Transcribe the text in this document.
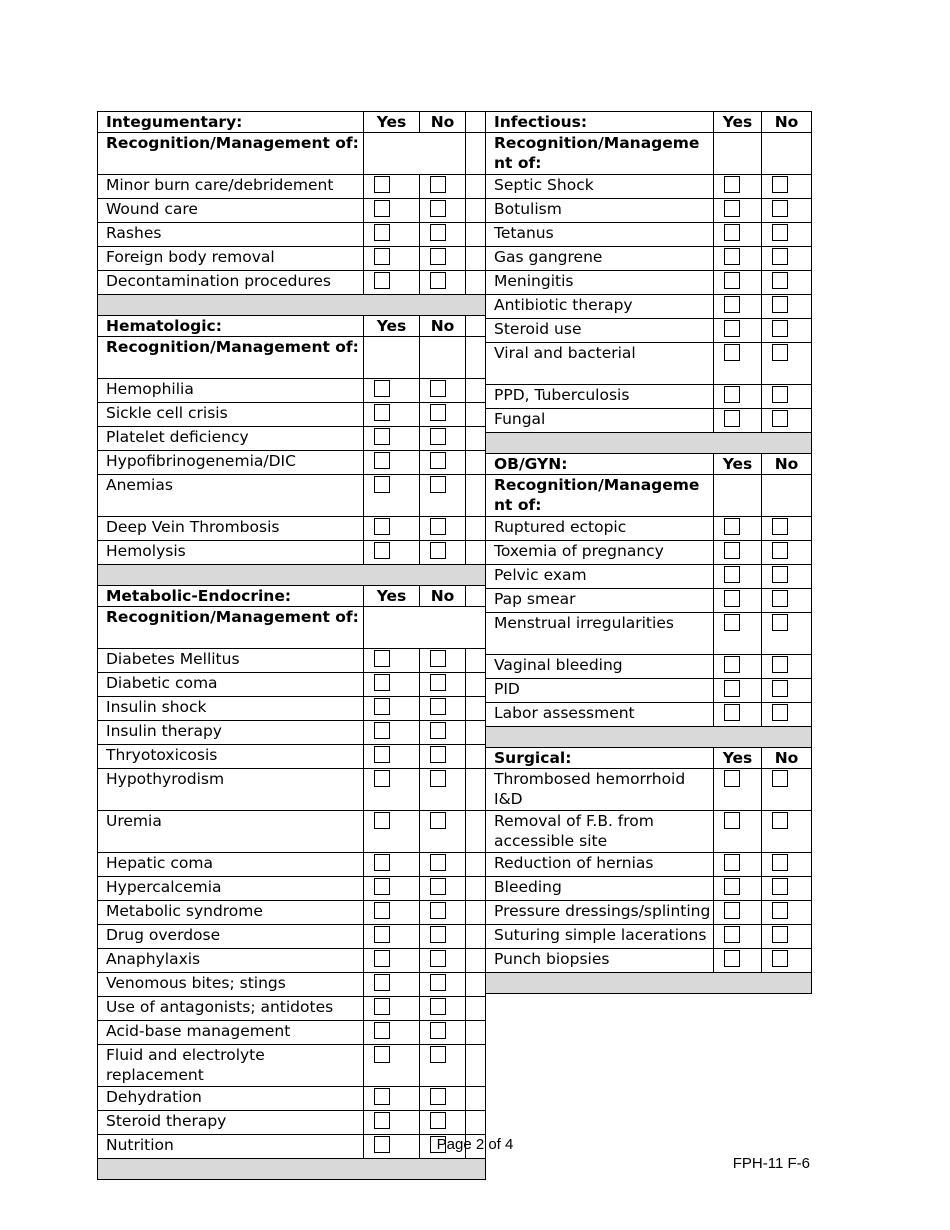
Integumentary:	Yes	No	
Recognition/Management of:			
Minor burn care/debridement			
Wound care			
Rashes			
Foreign body removal			
Decontamination procedures			

Hematologic:	Yes	No	
Recognition/Management of:			
Hemophilia			
Sickle cell crisis			
Platelet deficiency			
Hypofibrinogenemia/DIC			
Anemias			
Deep Vein Thrombosis			
Hemolysis			

Metabolic-Endocrine:	Yes	No	
Recognition/Management of:			
Diabetes Mellitus			
Diabetic coma			
Insulin shock			
Insulin therapy			
Thryotoxicosis			
Hypothyrodism			
Uremia			
Hepatic coma			
Hypercalcemia			
Metabolic syndrome			
Drug overdose			
Anaphylaxis			
Venomous bites; stings			
Use of antagonists; antidotes			
Acid-base management			
Fluid and electrolyte replacement			
Dehydration			
Steroid therapy			
Nutrition			

Infectious:	Yes	No
Recognition/Manageme nt of:		
Septic Shock		
Botulism		
Tetanus		
Gas gangrene		
Meningitis		
Antibiotic therapy		
Steroid use		
Viral and bacterial		
PPD, Tuberculosis		
Fungal		

OB/GYN:	Yes	No
Recognition/Manageme nt of:		
Ruptured ectopic		
Toxemia of pregnancy		
Pelvic exam		
Pap smear		
Menstrual irregularities		
Vaginal bleeding		
PID		
Labor assessment		

Surgical:	Yes	No
Thrombosed hemorrhoid I&D		
Removal of F.B. from accessible site		
Reduction of hernias		
Bleeding		
Pressure dressings/splinting		
Suturing simple lacerations		
Punch biopsies		

Page 2 of 4
FPH-11 F-6
